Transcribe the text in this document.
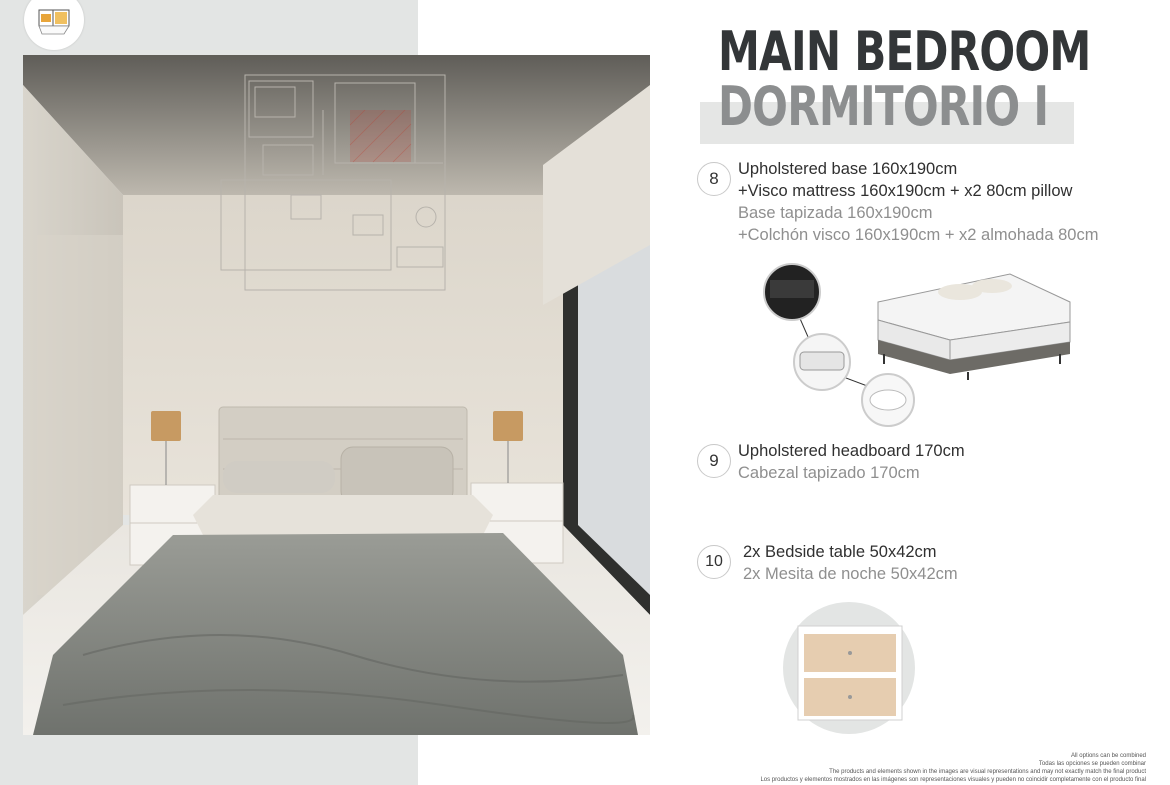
MAIN BEDROOM
DORMITORIO I
8	Upholstered base 160x190cm
+Visco mattress 160x190cm + x2 80cm pillow
Base tapizada 160x190cm
+Colchón visco 160x190cm + x2 almohada 80cm
9	Upholstered headboard 170cm
Cabezal tapizado 170cm
10
2x Bedside table 50x42cm
2x Mesita de noche 50x42cm
All options can be combined
Todas las opciones se pueden combinar
The products and elements shown in the images are visual representations and may not exactly match the final product
Los productos y elementos mostrados en las imágenes son representaciones visuales y pueden no coincidir completamente con el producto final
